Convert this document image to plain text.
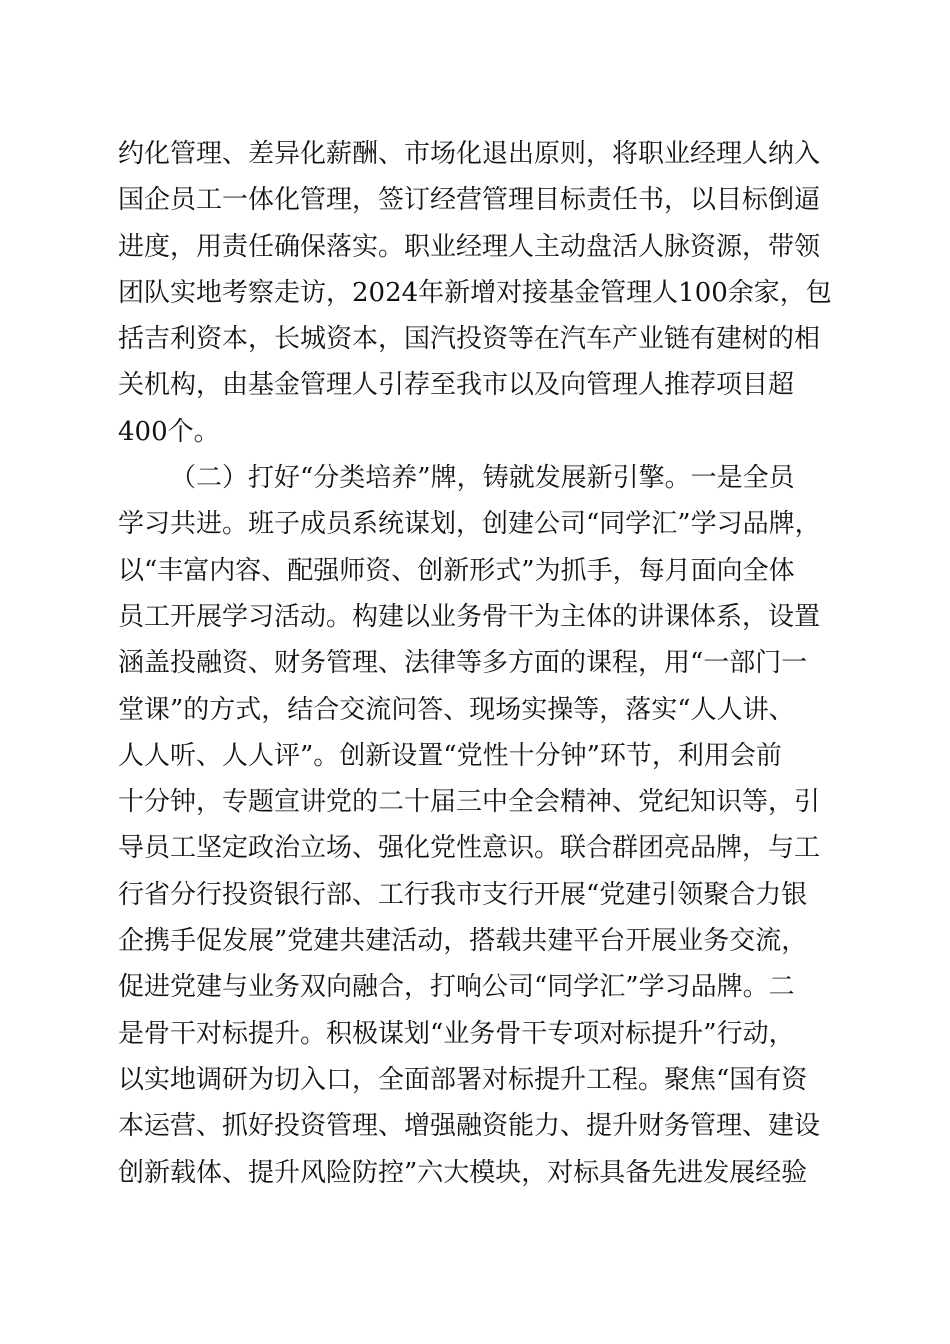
约化管理、差异化薪酬、市场化退出原则，将职业经理人纳入
国企员工一体化管理，签订经营管理目标责任书，以目标倒逼
进度，用责任确保落实。职业经理人主动盘活人脉资源，带领
团队实地考察走访，2024年新增对接基金管理人100余家，包
括吉利资本，长城资本，国汽投资等在汽车产业链有建树的相
关机构，由基金管理人引荐至我市以及向管理人推荐项目超
400个。
（二）打好“分类培养”牌，铸就发展新引擎。一是全员
学习共进。班子成员系统谋划，创建公司“同学汇”学习品牌，
以“丰富内容、配强师资、创新形式”为抓手，每月面向全体
员工开展学习活动。构建以业务骨干为主体的讲课体系，设置
涵盖投融资、财务管理、法律等多方面的课程，用“一部门一
堂课”的方式，结合交流问答、现场实操等，落实“人人讲、
人人听、人人评”。创新设置“党性十分钟”环节，利用会前
十分钟，专题宣讲党的二十届三中全会精神、党纪知识等，引
导员工坚定政治立场、强化党性意识。联合群团亮品牌，与工
行省分行投资银行部、工行我市支行开展“党建引领聚合力银
企携手促发展”党建共建活动，搭载共建平台开展业务交流，
促进党建与业务双向融合，打响公司“同学汇”学习品牌。二
是骨干对标提升。积极谋划“业务骨干专项对标提升”行动，
以实地调研为切入口，全面部署对标提升工程。聚焦“国有资
本运营、抓好投资管理、增强融资能力、提升财务管理、建设
创新载体、提升风险防控”六大模块，对标具备先进发展经验
